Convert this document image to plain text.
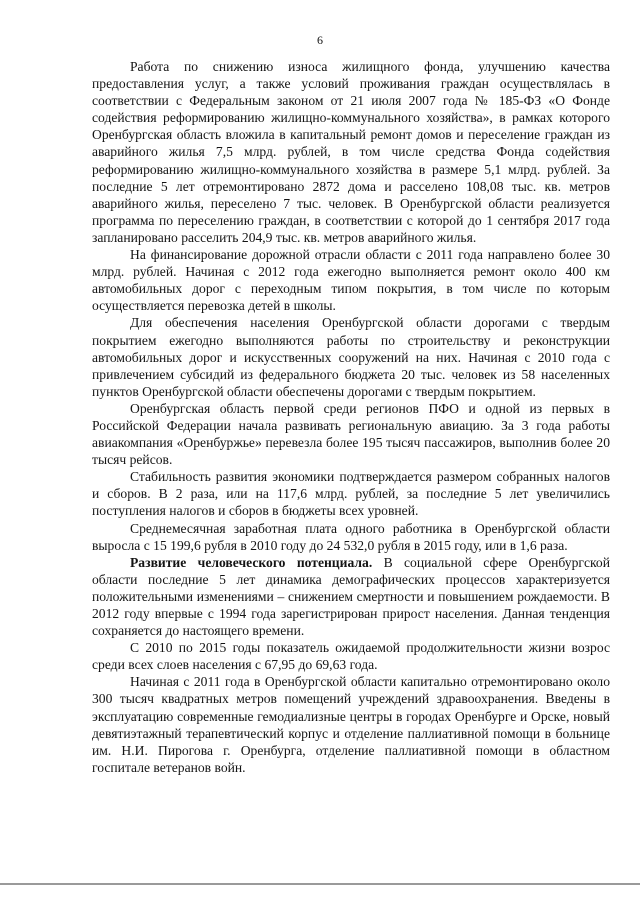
6

Работа по снижению износа жилищного фонда, улучшению качества предоставления услуг, а также условий проживания граждан осуществлялась в соответствии с Федеральным законом от 21 июля 2007 года № 185-ФЗ «О Фонде содействия реформированию жилищно-коммунального хозяйства», в рамках которого Оренбургская область вложила в капитальный ремонт домов и переселение граждан из аварийного жилья 7,5 млрд. рублей, в том числе средства Фонда содействия реформированию жилищно-коммунального хозяйства в размере 5,1 млрд. рублей. За последние 5 лет отремонтировано 2872 дома и расселено 108,08 тыс. кв. метров аварийного жилья, переселено 7 тыс. человек. В Оренбургской области реализуется программа по переселению граждан, в соответствии с которой до 1 сентября 2017 года запланировано расселить 204,9 тыс. кв. метров аварийного жилья.

На финансирование дорожной отрасли области с 2011 года направлено более 30 млрд. рублей. Начиная с 2012 года ежегодно выполняется ремонт около 400 км автомобильных дорог с переходным типом покрытия, в том числе по которым осуществляется перевозка детей в школы.

Для обеспечения населения Оренбургской области дорогами с твердым покрытием ежегодно выполняются работы по строительству и реконструкции автомобильных дорог и искусственных сооружений на них. Начиная с 2010 года с привлечением субсидий из федерального бюджета 20 тыс. человек из 58 населенных пунктов Оренбургской области обеспечены дорогами с твердым покрытием.

Оренбургская область первой среди регионов ПФО и одной из первых в Российской Федерации начала развивать региональную авиацию. За 3 года работы авиакомпания «Оренбуржье» перевезла более 195 тысяч пассажиров, выполнив более 20 тысяч рейсов.

Стабильность развития экономики подтверждается размером собранных налогов и сборов. В 2 раза, или на 117,6 млрд. рублей, за последние 5 лет увеличились поступления налогов и сборов в бюджеты всех уровней.

Среднемесячная заработная плата одного работника в Оренбургской области выросла с 15 199,6 рубля в 2010 году до 24 532,0 рубля в 2015 году, или в 1,6 раза.

Развитие человеческого потенциала. В социальной сфере Оренбургской области последние 5 лет динамика демографических процессов характеризуется положительными изменениями – снижением смертности и повышением рождаемости. В 2012 году впервые с 1994 года зарегистрирован прирост населения. Данная тенденция сохраняется до настоящего времени.

С 2010 по 2015 годы показатель ожидаемой продолжительности жизни возрос среди всех слоев населения с 67,95 до 69,63 года.

Начиная с 2011 года в Оренбургской области капитально отремонтировано около 300 тысяч квадратных метров помещений учреждений здравоохранения. Введены в эксплуатацию современные гемодиализные центры в городах Оренбурге и Орске, новый девятиэтажный терапевтический корпус и отделение паллиативной помощи в больнице им. Н.И. Пирогова г. Оренбурга, отделение паллиативной помощи в областном госпитале ветеранов войн.
